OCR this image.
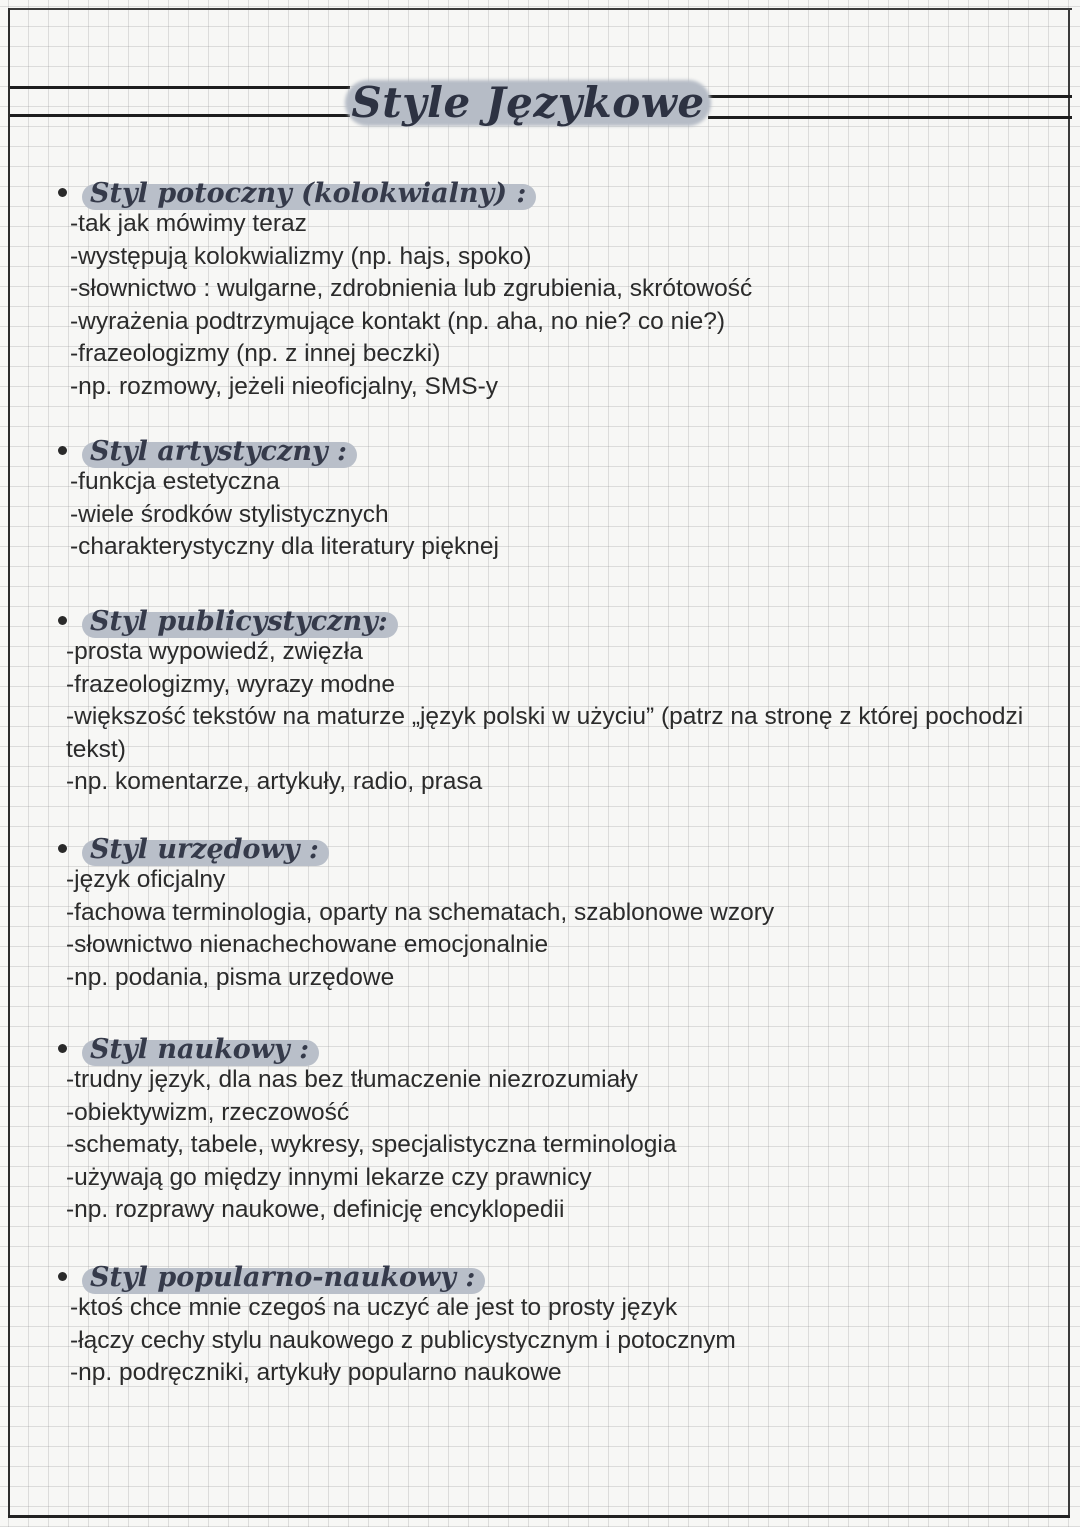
Style Językowe
Styl potoczny (kolokwialny) :
-tak jak mówimy teraz
-występują kolokwializmy (np. hajs, spoko)
-słownictwo : wulgarne, zdrobnienia lub zgrubienia, skrótowość
-wyrażenia podtrzymujące kontakt (np. aha, no nie? co nie?)
-frazeologizmy (np. z innej beczki)
-np. rozmowy, jeżeli nieoficjalny, SMS-y
Styl artystyczny :
-funkcja estetyczna
-wiele środków stylistycznych
-charakterystyczny dla literatury pięknej
Styl publicystyczny:
-prosta wypowiedź, zwięzła
-frazeologizmy, wyrazy modne
-większość tekstów na maturze „język polski w użyciu” (patrz na stronę z której pochodzi tekst)
-np. komentarze, artykuły, radio, prasa
Styl urzędowy :
-język oficjalny
-fachowa terminologia, oparty na schematach, szablonowe wzory
-słownictwo nienachechowane emocjonalnie
-np. podania, pisma urzędowe
Styl naukowy :
-trudny język, dla nas bez tłumaczenie niezrozumiały
-obiektywizm, rzeczowość
-schematy, tabele, wykresy, specjalistyczna terminologia
-używają go między innymi lekarze czy prawnicy
-np. rozprawy naukowe, definicję encyklopedii
Styl popularno-naukowy :
-ktoś chce mnie czegoś na uczyć ale jest to prosty język
-łączy cechy stylu naukowego z publicystycznym i potocznym
-np. podręczniki, artykuły popularno naukowe
